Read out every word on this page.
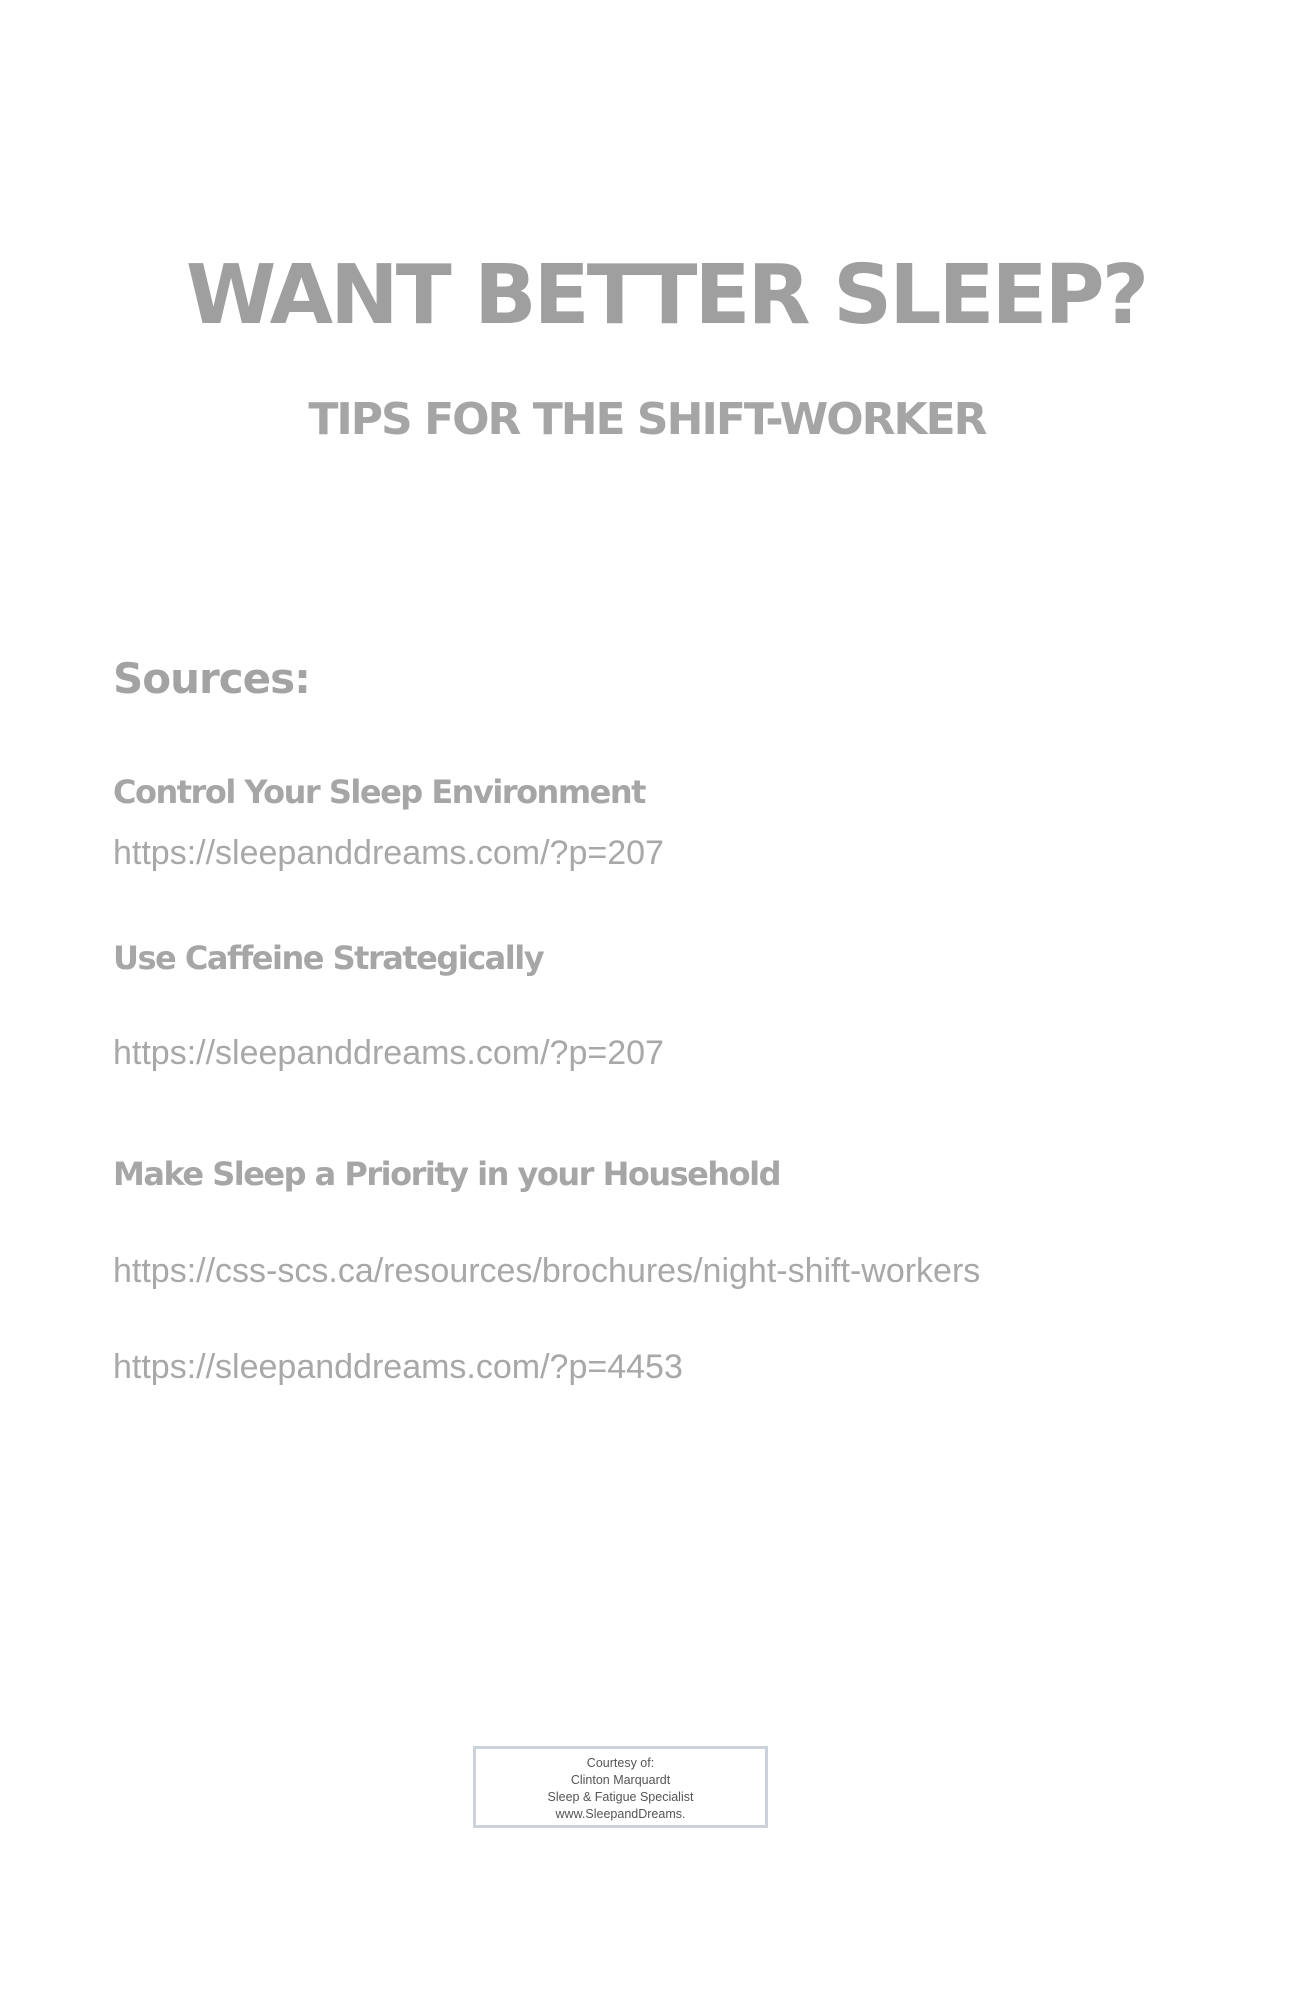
WANT BETTER SLEEP?
TIPS FOR THE SHIFT-WORKER
Sources:
Control Your Sleep Environment
https://sleepanddreams.com/?p=207
Use Caffeine Strategically
https://sleepanddreams.com/?p=207
Make Sleep a Priority in your Household
https://css-scs.ca/resources/brochures/night-shift-workers
https://sleepanddreams.com/?p=4453
Courtesy of:
Clinton Marquardt
Sleep & Fatigue Specialist
www.SleepandDreams.
